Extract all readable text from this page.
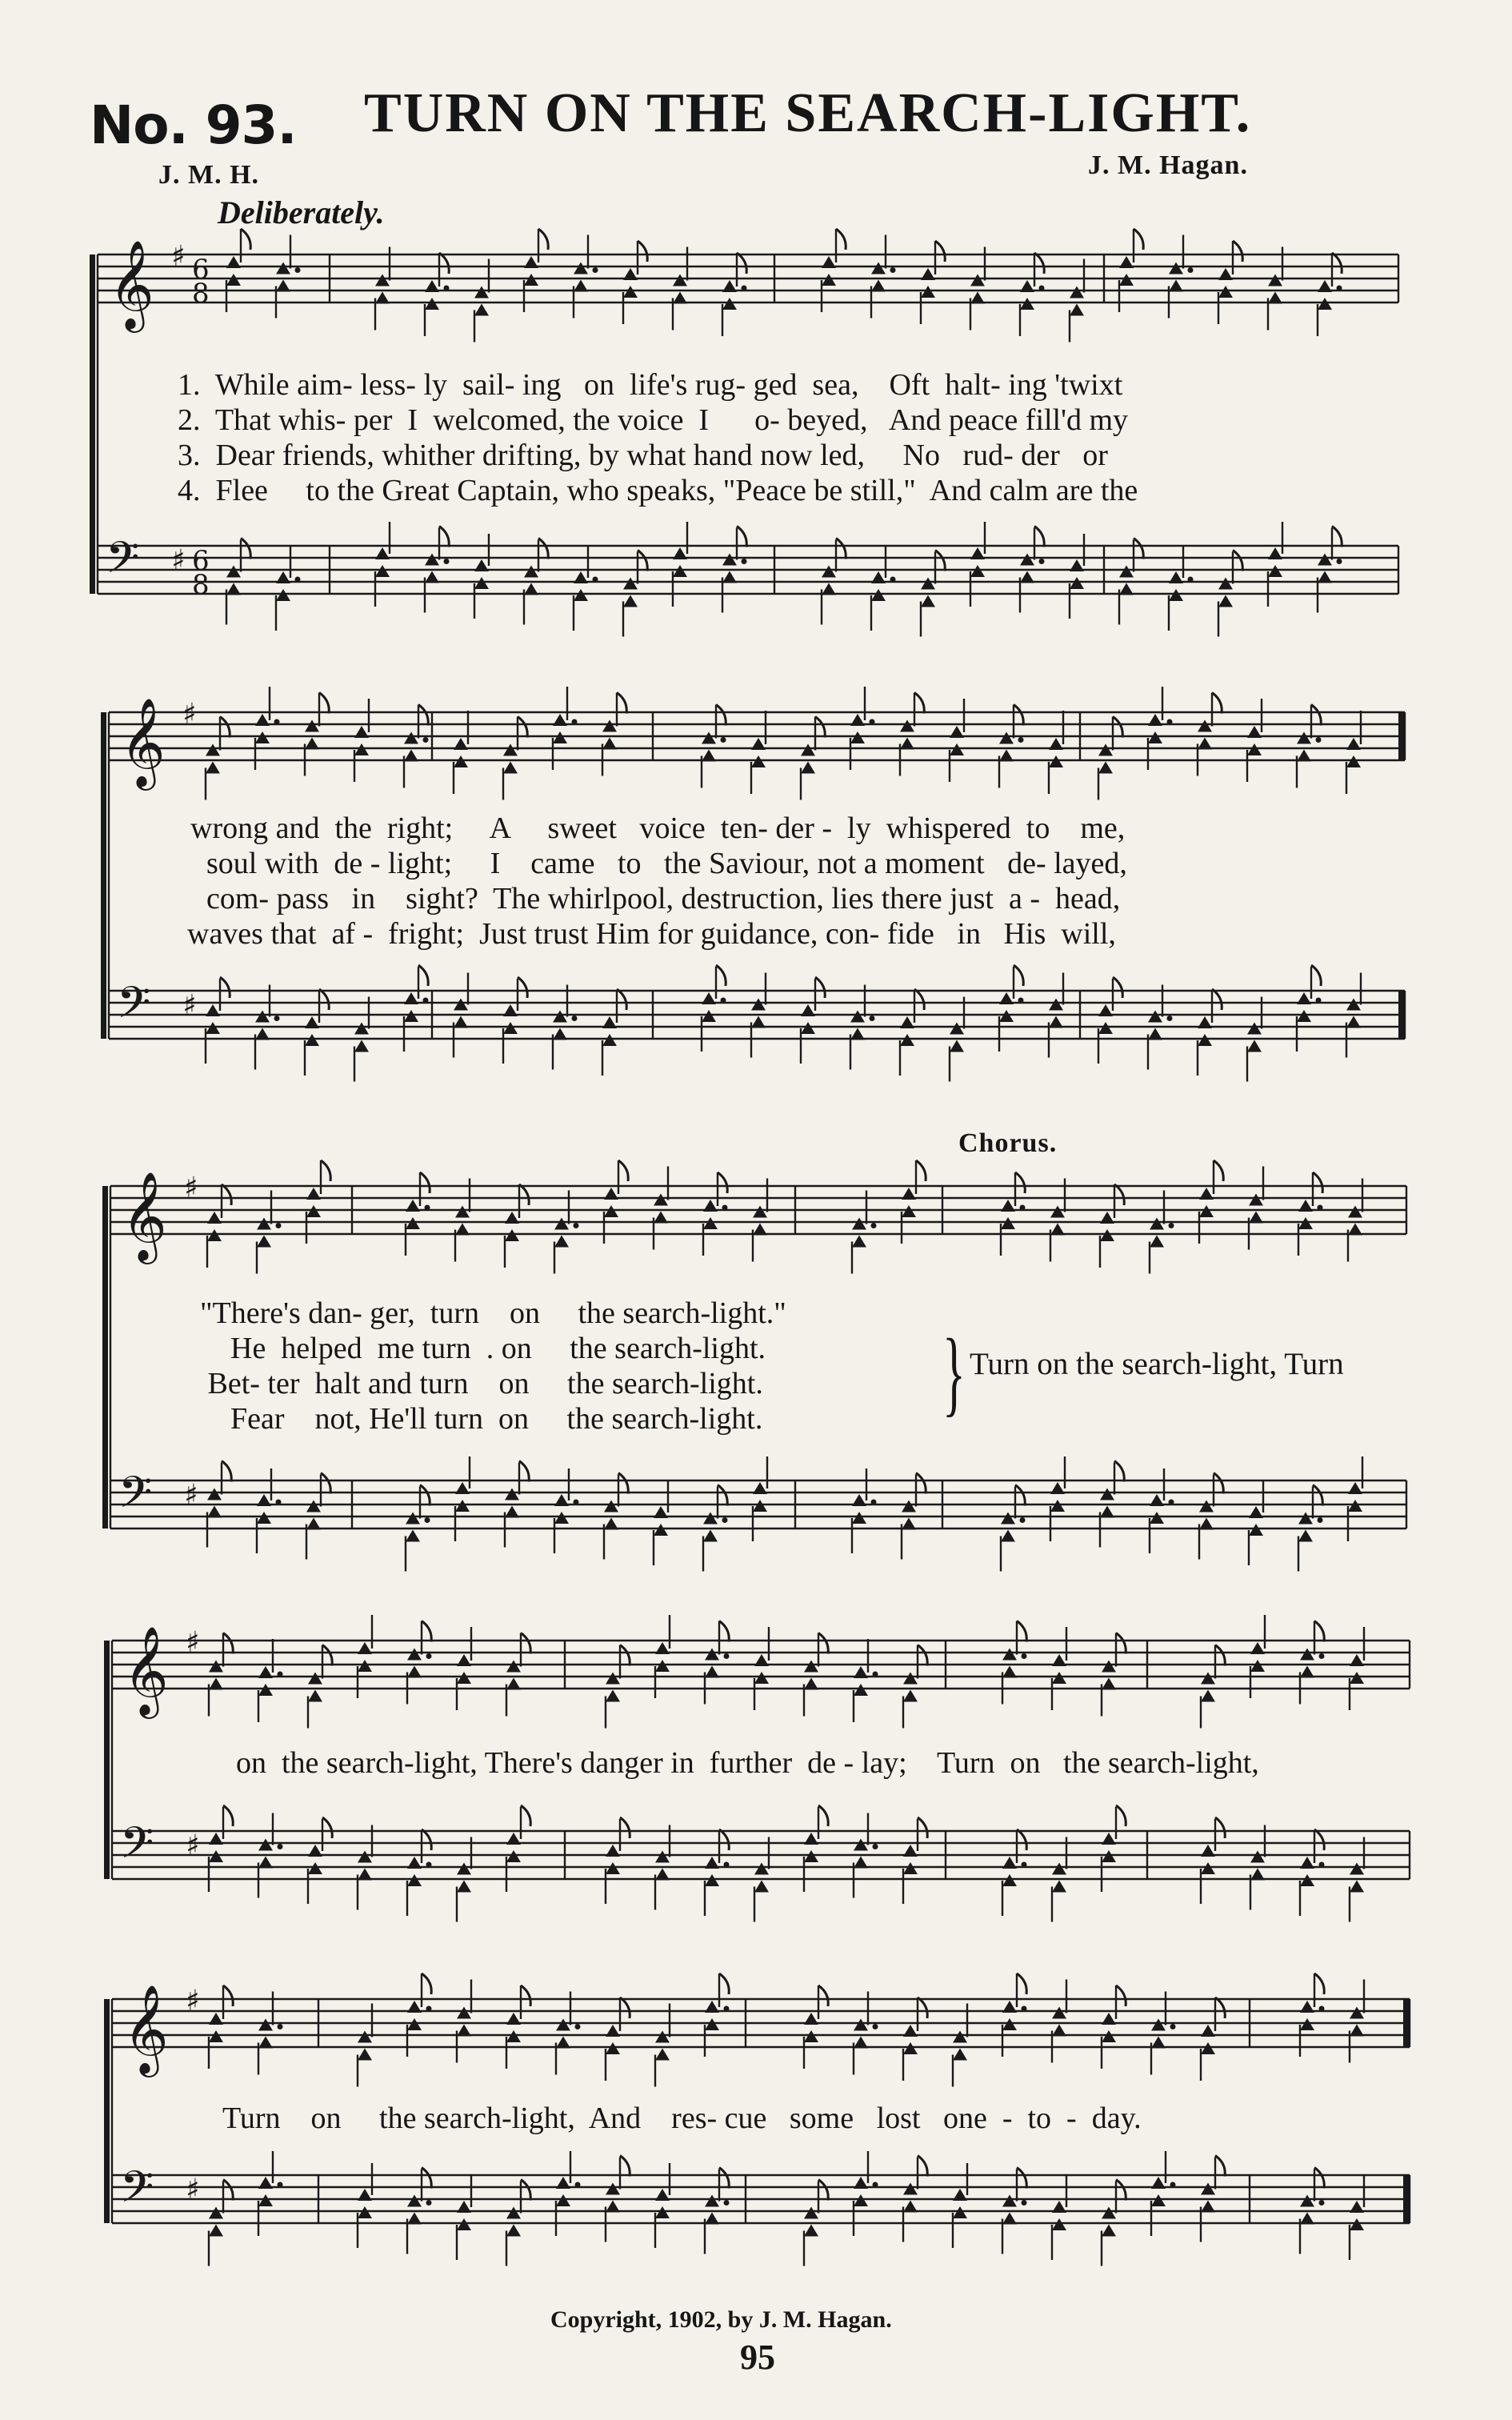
No. 93. TURN ON THE SEARCH-LIGHT.
J. M. H.	J. M. Hagan.
Deliberately.
𝄞 ♯ 6
8
𝄢 ♯ 6
8
𝄞 ♯
𝄢 ♯
𝄞 ♯
𝄢 ♯
𝄞 ♯
𝄢 ♯
𝄞 ♯
𝄢 ♯
1.  While aim- less- ly  sail- ing   on  life's rug- ged  sea,    Oft  halt- ing 'twixt
2.  That whis- per  I  welcomed, the voice  I      o- beyed,   And peace fill'd my
3.  Dear friends, whither drifting, by what hand now led,     No   rud- der   or
4.  Flee     to the Great Captain, who speaks, "Peace be still,"  And calm are the
wrong and  the  right;     A     sweet   voice  ten- der -  ly  whispered  to    me,
soul with  de - light;     I    came   to   the Saviour, not a moment   de- layed,
com- pass   in    sight?  The whirlpool, destruction, lies there just  a -  head,
waves that  af -  fright;  Just trust Him for guidance, con- fide   in   His  will,
Chorus.
"There's dan- ger,  turn    on     the search-light."
He  helped  me turn  . on     the search-light.
Bet- ter  halt and turn    on     the search-light.
Fear    not, He'll turn  on     the search-light. } Turn on the search-light, Turn
on  the search-light, There's danger in  further  de - lay;    Turn  on   the search-light,
Turn    on     the search-light,  And    res- cue   some   lost   one  -  to  -  day.
Copyright, 1902, by J. M. Hagan.
95
